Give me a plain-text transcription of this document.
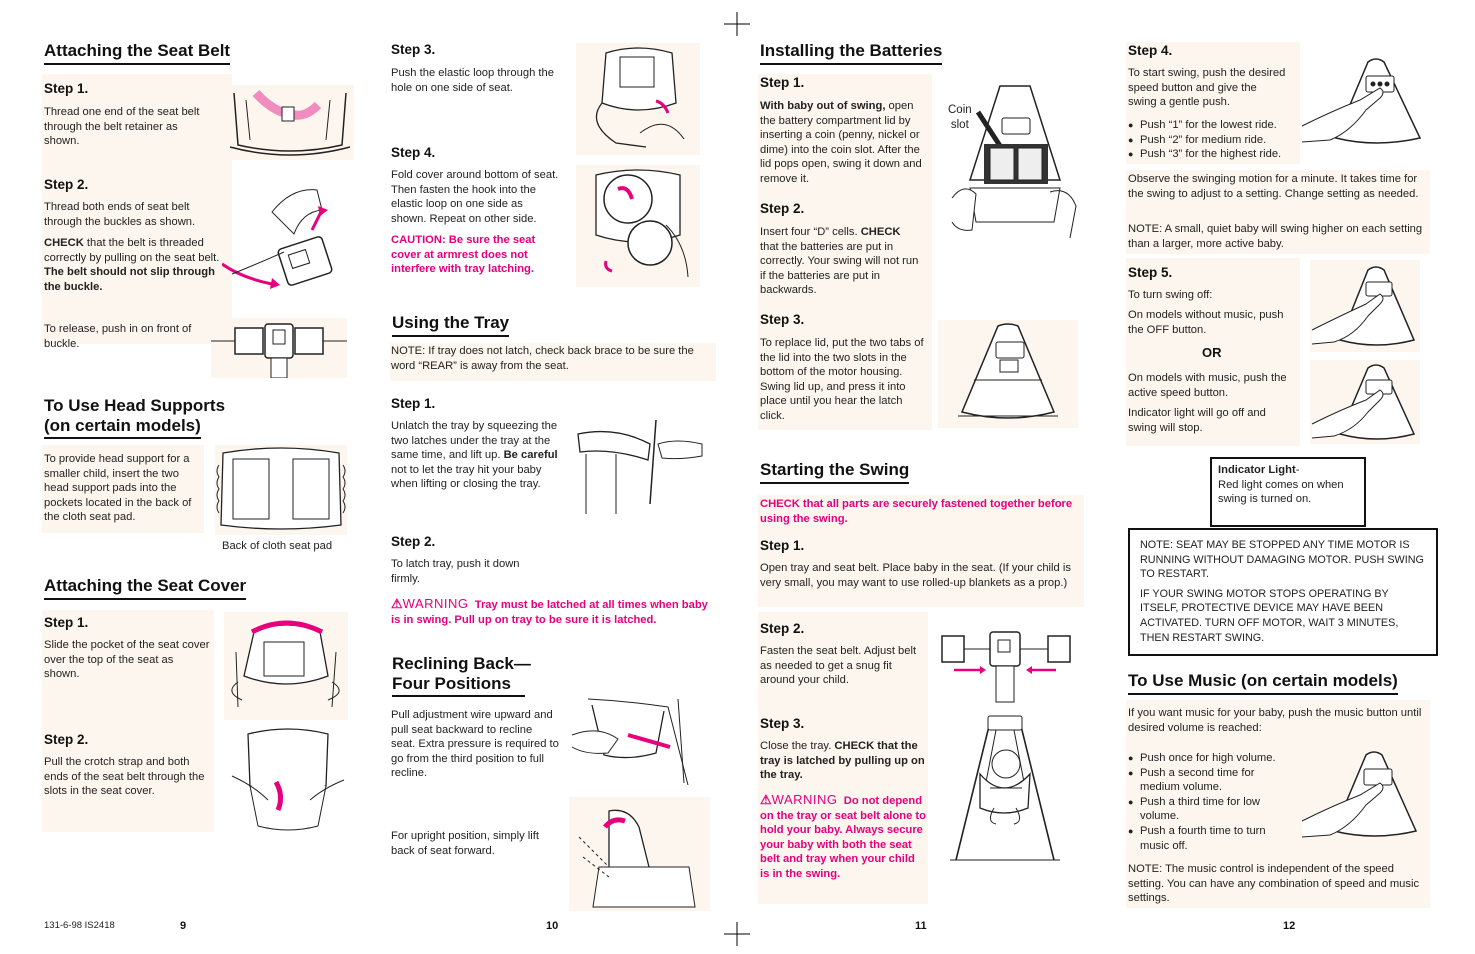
Attaching the Seat Belt
Step 1.
Thread one end of the seat belt through the belt retainer as shown.
Step 2.
Thread both ends of seat belt through the buckles as shown.
CHECK that the belt is threaded correctly by pulling on the seat belt. The belt should not slip through the buckle.
To release, push in on front of buckle.
To Use Head Supports
(on certain models)
To provide head support for a smaller child, insert the two head support pads into the pockets located in the back of the cloth seat pad.
Back of cloth seat pad
Attaching the Seat Cover
Step 1.
Slide the pocket of the seat cover over the top of the seat as shown.
Step 2.
Pull the crotch strap and both ends of the seat belt through the slots in the seat cover.
131-6-98 IS2418	9
Step 3.
Push the elastic loop through the hole on one side of seat.
Step 4.
Fold cover around bottom of seat. Then fasten the hook into the elastic loop on one side as shown. Repeat on other side.
CAUTION: Be sure the seat cover at armrest does not interfere with tray latching.
Using the Tray
NOTE: If tray does not latch, check back brace to be sure the word “REAR” is away from the seat.
Step 1.
Unlatch the tray by squeezing the two latches under the tray at the same time, and lift up. Be careful not to let the tray hit your baby when lifting or closing the tray.
Step 2.
To latch tray, push it down firmly.
⚠WARNING Tray must be latched at all times when baby is in swing. Pull up on tray to be sure it is latched.
Reclining Back—
Four Positions
Pull adjustment wire upward and pull seat backward to recline seat. Extra pressure is required to go from the third position to full recline.
For upright position, simply lift back of seat forward.
10
Installing the Batteries
Step 1.
With baby out of swing, open the battery compartment lid by inserting a coin (penny, nickel or dime) into the coin slot. After the lid pops open, swing it down and remove it.
Coin
slot
Step 2.
Insert four “D” cells. CHECK that the batteries are put in correctly. Your swing will not run if the batteries are put in backwards.
Step 3.
To replace lid, put the two tabs of the lid into the two slots in the bottom of the motor housing. Swing lid up, and press it into place until you hear the latch click.
Starting the Swing
CHECK that all parts are securely fastened together before using the swing.
Step 1.
Open tray and seat belt. Place baby in the seat. (If your child is very small, you may want to use rolled-up blankets as a prop.)
Step 2.
Fasten the seat belt. Adjust belt as needed to get a snug fit around your child.
Step 3.
Close the tray. CHECK that the tray is latched by pulling up on the tray.
⚠WARNING Do not depend on the tray or seat belt alone to hold your baby. Always secure your baby with both the seat belt and tray when your child is in the swing.
11
Step 4.
To start swing, push the desired speed button and give the swing a gentle push.
● Push “1” for the lowest ride.
● Push “2” for medium ride.
● Push “3” for the highest ride.
Observe the swinging motion for a minute. It takes time for the swing to adjust to a setting. Change setting as needed.
NOTE: A small, quiet baby will swing higher on each setting than a larger, more active baby.
Step 5.
To turn swing off:
On models without music, push the OFF button.
OR
On models with music, push the active speed button.
Indicator light will go off and swing will stop.
Indicator Light-
Red light comes on when swing is turned on.
NOTE: SEAT MAY BE STOPPED ANY TIME MOTOR IS RUNNING WITHOUT DAMAGING MOTOR. PUSH SWING TO RESTART.
IF YOUR SWING MOTOR STOPS OPERATING BY ITSELF, PROTECTIVE DEVICE MAY HAVE BEEN ACTIVATED. TURN OFF MOTOR, WAIT 3 MINUTES, THEN RESTART SWING.
To Use Music (on certain models)
If you want music for your baby, push the music button until desired volume is reached:
● Push once for high volume.
● Push a second time for medium volume.
● Push a third time for low volume.
● Push a fourth time to turn music off.
NOTE: The music control is independent of the speed setting. You can have any combination of speed and music settings.
12
